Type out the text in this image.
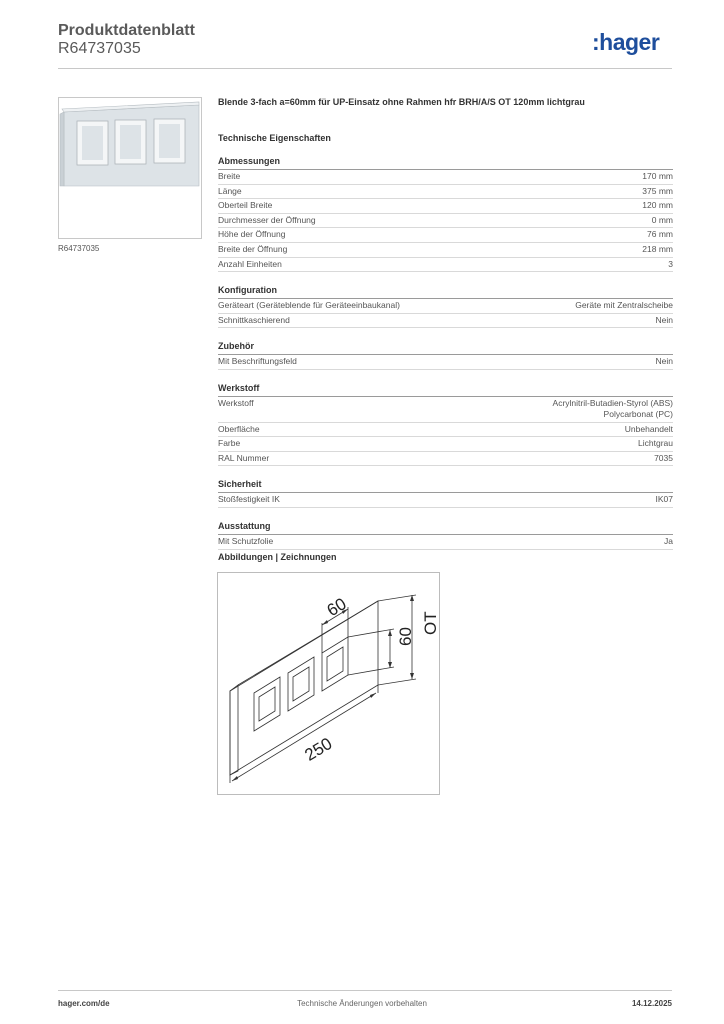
Produktdatenblatt
R64737035	:hager
R64737035
Blende 3-fach a=60mm für UP-Einsatz ohne Rahmen hfr BRH/A/S OT 120mm lichtgrau
Technische Eigenschaften
Abmessungen
Breite	170 mm
Länge	375 mm
Oberteil Breite	120 mm
Durchmesser der Öffnung	0 mm
Höhe der Öffnung	76 mm
Breite der Öffnung	218 mm
Anzahl Einheiten	3
Konfiguration
Geräteart (Geräteblende für Geräteeinbaukanal)	Geräte mit Zentralscheibe
Schnittkaschierend	Nein
Zubehör
Mit Beschriftungsfeld	Nein
Werkstoff
Werkstoff	Acrylnitril-Butadien-Styrol (ABS)
Polycarbonat (PC)
Oberfläche	Unbehandelt
Farbe	Lichtgrau
RAL Nummer	7035
Sicherheit
Stoßfestigkeit IK	IK07
Ausstattung
Mit Schutzfolie	Ja
Abbildungen | Zeichnungen
60
60
OT
250
hager.com/de	Technische Änderungen vorbehalten	14.12.2025
